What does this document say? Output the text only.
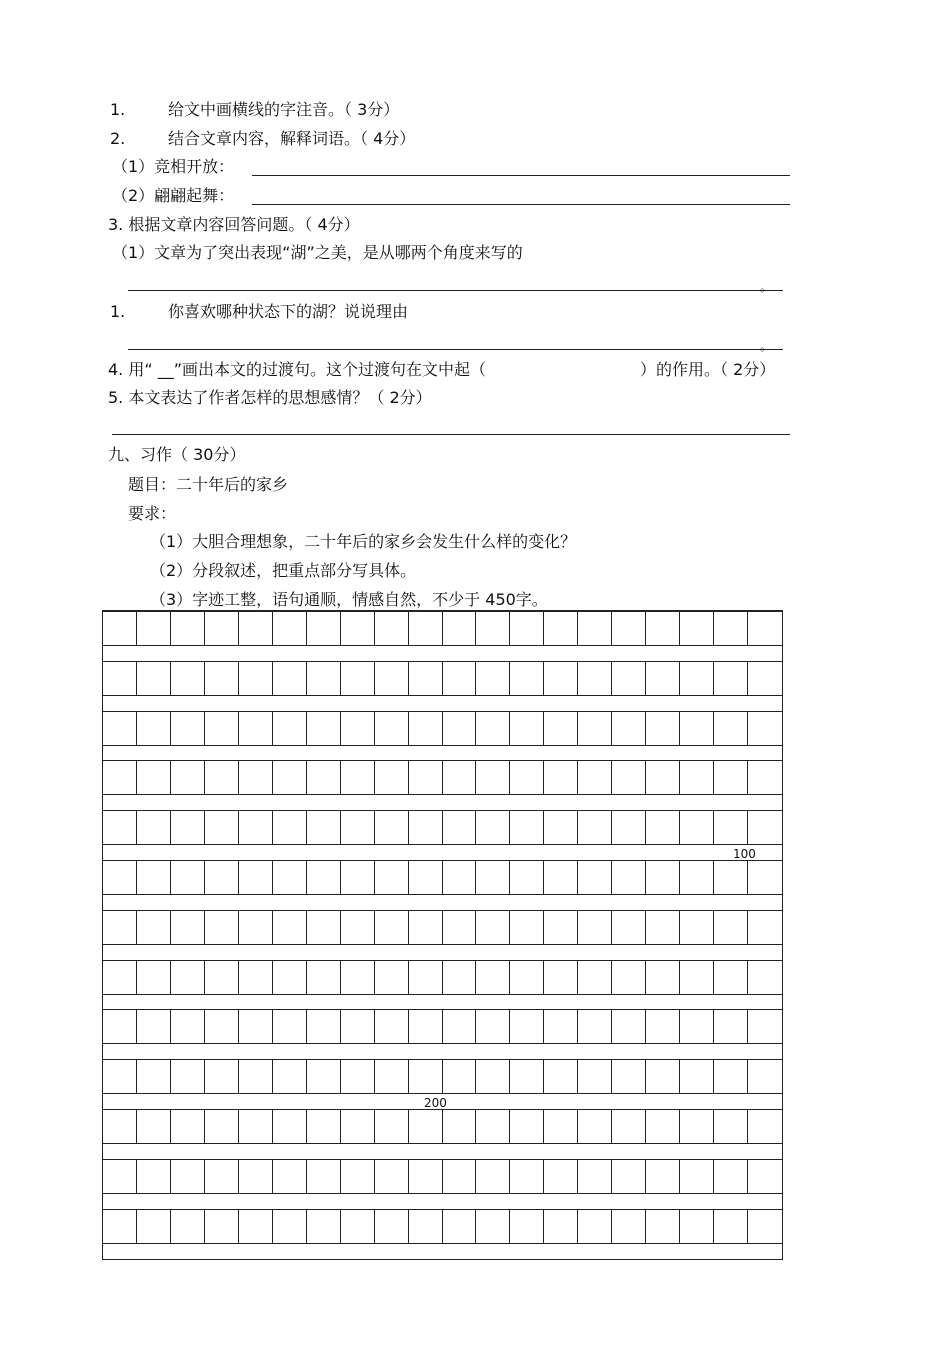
1.	给文中画横线的字注音。（ 3分）
2.	结合文章内容，解释词语。（ 4分）
（1）竞相开放：
（2）翩翩起舞：
3. 根据文章内容回答问题。（ 4分）
（1）文章为了突出表现“湖”之美，是从哪两个角度来写的
。
1.	你喜欢哪种状态下的湖？说说理由
。
4. 用“ __”画出本文的过渡句。这个过渡句在文中起（	）的作用。（ 2分）
5. 本文表达了作者怎样的思想感情？（ 2分）
九、习作（ 30分）
题目：二十年后的家乡
要求：
（1）大胆合理想象，二十年后的家乡会发生什么样的变化？
（2）分段叙述，把重点部分写具体。
（3）字迹工整，语句通顺，情感自然，不少于 450字。
100
200
